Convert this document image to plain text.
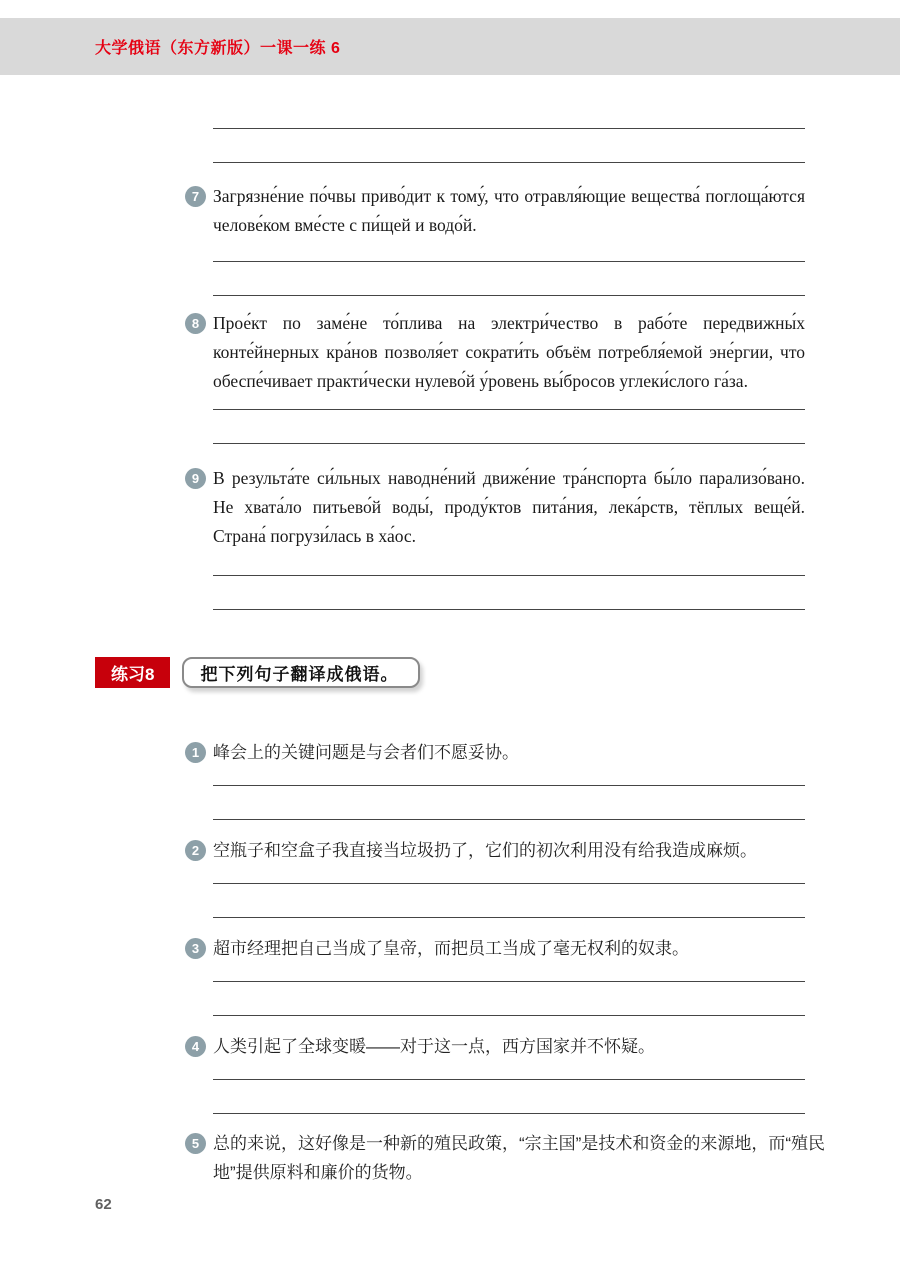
大学俄语（东方新版）一课一练 6
7 Загрязне́ние по́чвы приво́дит к тому́, что отравля́ющие вещества́ поглоща́ются челове́ком вме́сте с пи́щей и водо́й.
8 Прое́кт по заме́не то́плива на электри́чество в рабо́те передвижны́х конте́йнерных кра́нов позволя́ет сократи́ть объём потребля́емой эне́ргии, что обеспе́чивает практи́чески нулево́й у́ровень вы́бросов углеки́слого га́за.
9 В результа́те си́льных наводне́ний движе́ние тра́нспорта бы́ло парализо́вано. Не хвата́ло питьево́й воды́, проду́ктов пита́ния, лека́рств, тёплых веще́й. Страна́ погрузи́лась в ха́ос.
1 峰会上的关键问题是与会者们不愿妥协。
2 空瓶子和空盒子我直接当垃圾扔了，它们的初次利用没有给我造成麻烦。
3 超市经理把自己当成了皇帝，而把员工当成了毫无权利的奴隶。
4 人类引起了全球变暖——对于这一点，西方国家并不怀疑。
5 总的来说，这好像是一种新的殖民政策，“宗主国”是技术和资金的来源地，而“殖民地”提供原料和廉价的货物。
练习8	把下列句子翻译成俄语。
62
